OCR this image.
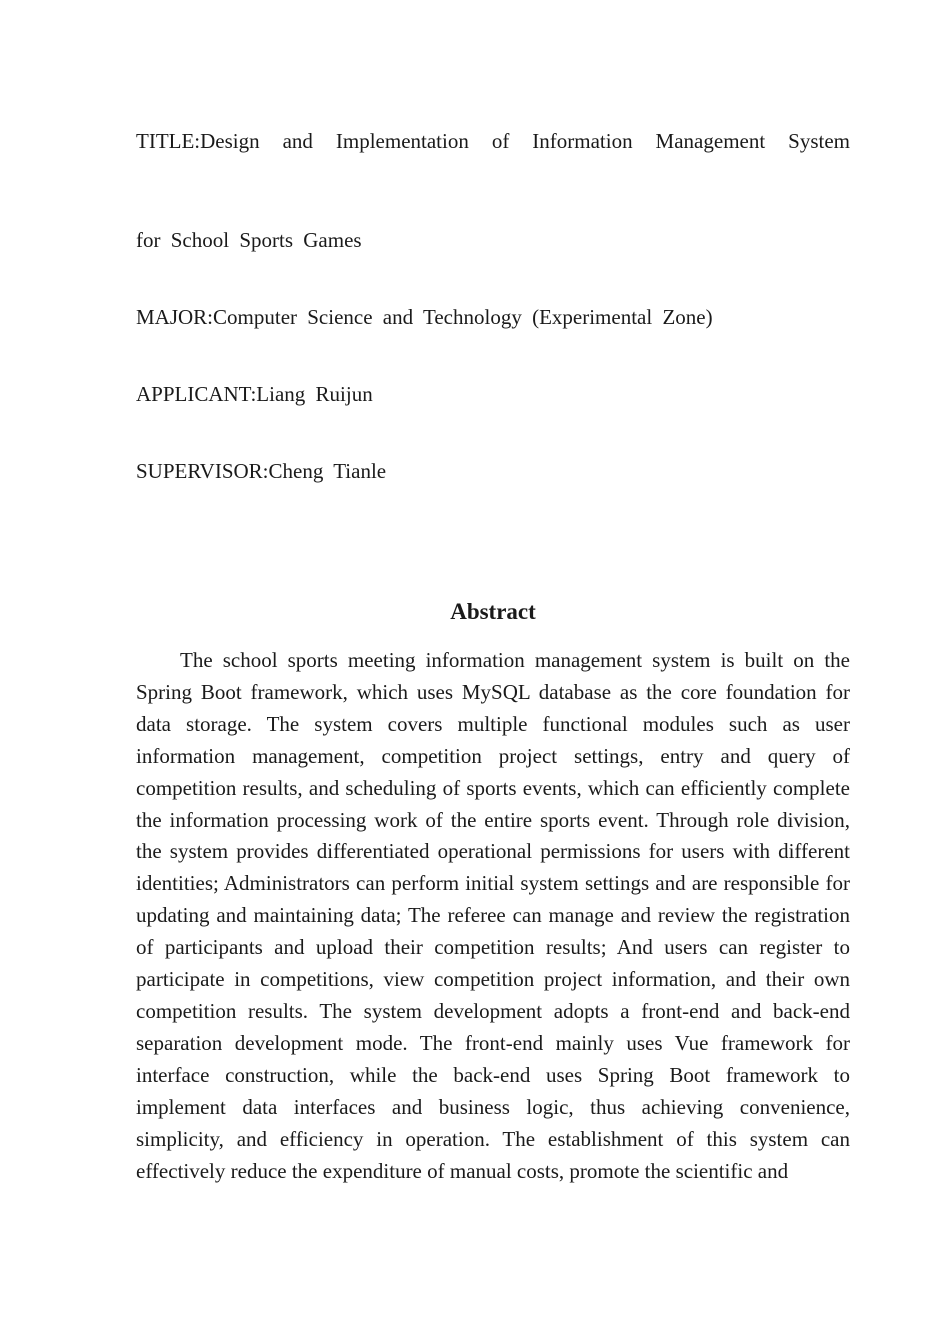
TITLE:Design and Implementation of Information Management System
for School Sports Games
MAJOR:Computer Science and Technology (Experimental Zone)
APPLICANT:Liang Ruijun
SUPERVISOR:Cheng Tianle
Abstract

The school sports meeting information management system is built on the Spring Boot framework, which uses MySQL database as the core foundation for data storage. The system covers multiple functional modules such as user information management, competition project settings, entry and query of competition results, and scheduling of sports events, which can efficiently complete the information processing work of the entire sports event. Through role division, the system provides differentiated operational permissions for users with different identities; Administrators can perform initial system settings and are responsible for updating and maintaining data; The referee can manage and review the registration of participants and upload their competition results; And users can register to participate in competitions, view competition project information, and their own competition results. The system development adopts a front-end and back-end separation development mode. The front-end mainly uses Vue framework for interface construction, while the back-end uses Spring Boot framework to implement data interfaces and business logic, thus achieving convenience, simplicity, and efficiency in operation. The establishment of this system can effectively reduce the expenditure of manual costs, promote the scientific and
